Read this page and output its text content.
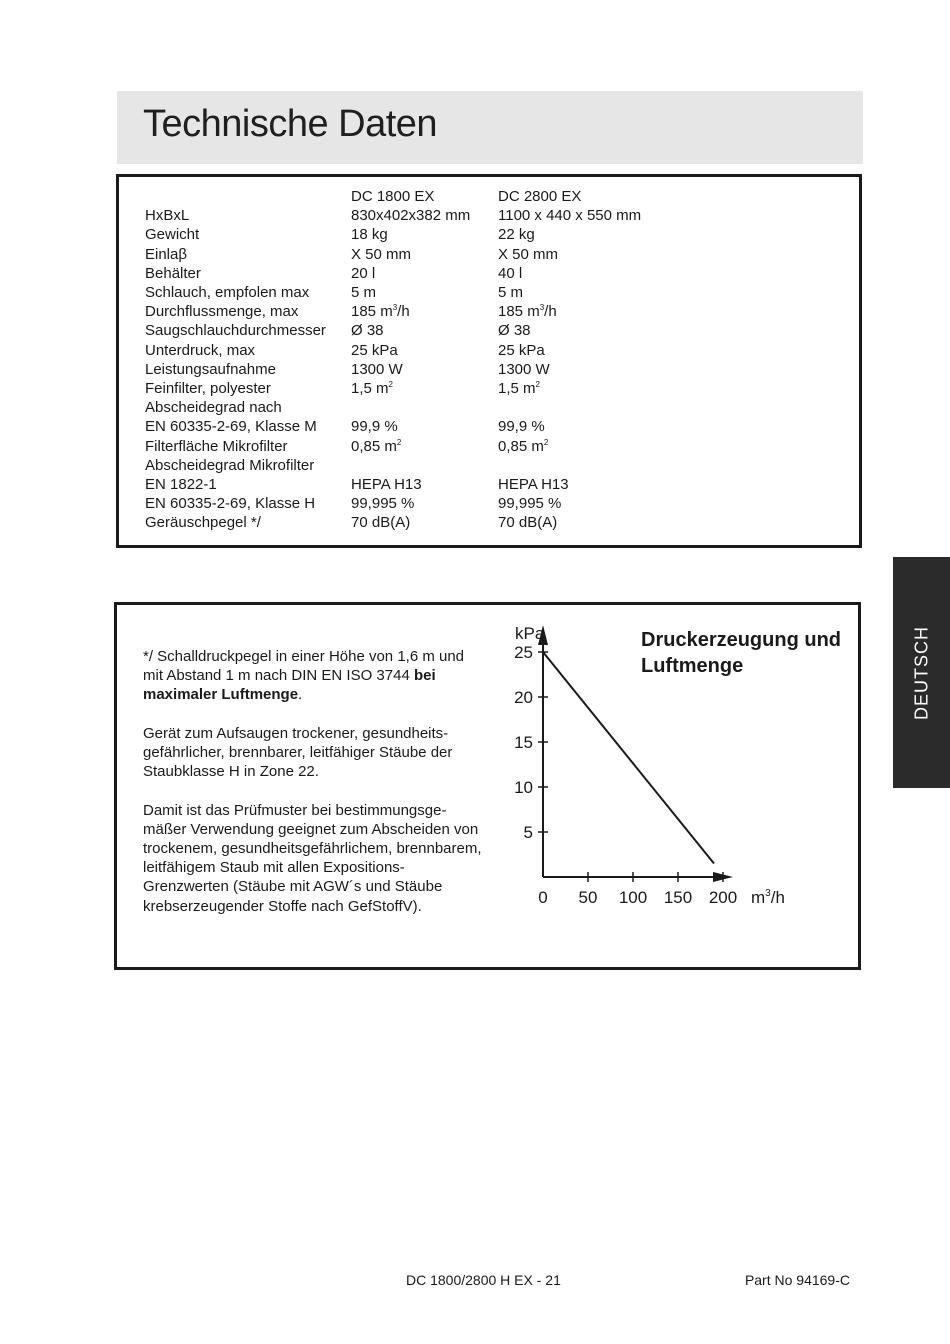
Technische Daten
	DC 1800 EX	DC 2800 EX
HxBxL	830x402x382 mm	1100 x 440 x 550 mm
Gewicht	18 kg	22 kg
Einlaβ	X 50 mm	X 50 mm
Behälter	20 l	40 l
Schlauch, empfolen max	5 m	5 m
Durchflussmenge, max	185 $m^3/h$	185 $m^3/h$
Saugschlauchdurchmesser	Ø 38	Ø 38
Unterdruck, max	25 kPa	25 kPa
Leistungsaufnahme	1300 W	1300 W
Feinfilter, polyester	1,5 $m^2$	1,5 $m^2$
Abscheidegrad nach		
EN 60335-2-69, Klasse M	99,9 %	99,9 %
Filterfläche Mikrofilter	0,85 $m^2$	0,85 $m^2$
Abscheidegrad Mikrofilter		
EN 1822-1	HEPA H13	HEPA H13
EN 60335-2-69, Klasse H	99,995 %	99,995 %
Geräuschpegel */	70 dB(A)	70 dB(A)
DEUTSCH

*/ Schalldruckpegel in einer Höhe von 1,6 m und mit Abstand 1 m nach DIN EN ISO 3744 bei maximaler Luftmenge.

Gerät zum Aufsaugen trockener, gesundheits-gefährlicher, brennbarer, leitfähiger Stäube der Staubklasse H in Zone 22.

Damit ist das Prüfmuster bei bestimmungsge-mäßer Verwendung geeignet zum Abscheiden von trockenem, gesundheitsgefährlichem, brennbarem, leitfähigem Staub mit allen Expositions-Grenzwerten (Stäube mit AGW´s und Stäube krebserzeugender Stoffe nach GefStoffV).

Druckerzeugung und Luftmenge
5
10
15
20
25
0 50 100 150 200
kPa
$m^3/h$
DC 1800/2800 H EX - 21	Part No 94169-C
